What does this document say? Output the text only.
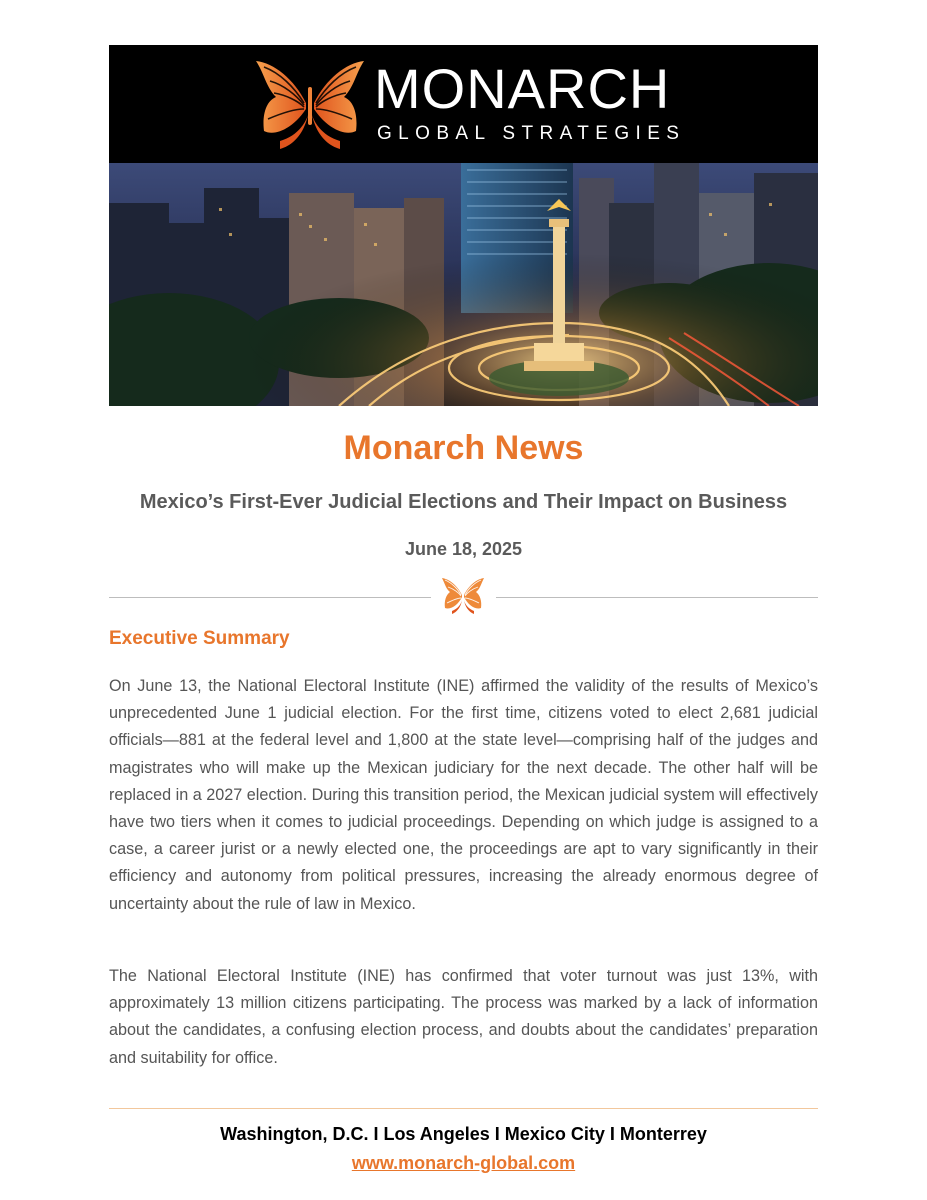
MONARCH
GLOBAL STRATEGIES
Monarch News
Mexico’s First-Ever Judicial Elections and Their Impact on Business
June 18, 2025
Executive Summary

On June 13, the National Electoral Institute (INE) affirmed the validity of the results of Mexico’s unprecedented June 1 judicial election. For the first time, citizens voted to elect 2,681 judicial officials—881 at the federal level and 1,800 at the state level—comprising half of the judges and magistrates who will make up the Mexican judiciary for the next decade. The other half will be replaced in a 2027 election. During this transition period, the Mexican judicial system will effectively have two tiers when it comes to judicial proceedings. Depending on which judge is assigned to a case, a career jurist or a newly elected one, the proceedings are apt to vary significantly in their efficiency and autonomy from political pressures, increasing the already enormous degree of uncertainty about the rule of law in Mexico.

The National Electoral Institute (INE) has confirmed that voter turnout was just 13%, with approximately 13 million citizens participating. The process was marked by a lack of information about the candidates, a confusing election process, and doubts about the candidates’ preparation and suitability for office.

Washington, D.C. I Los Angeles I Mexico City I Monterrey
www.monarch-global.com
